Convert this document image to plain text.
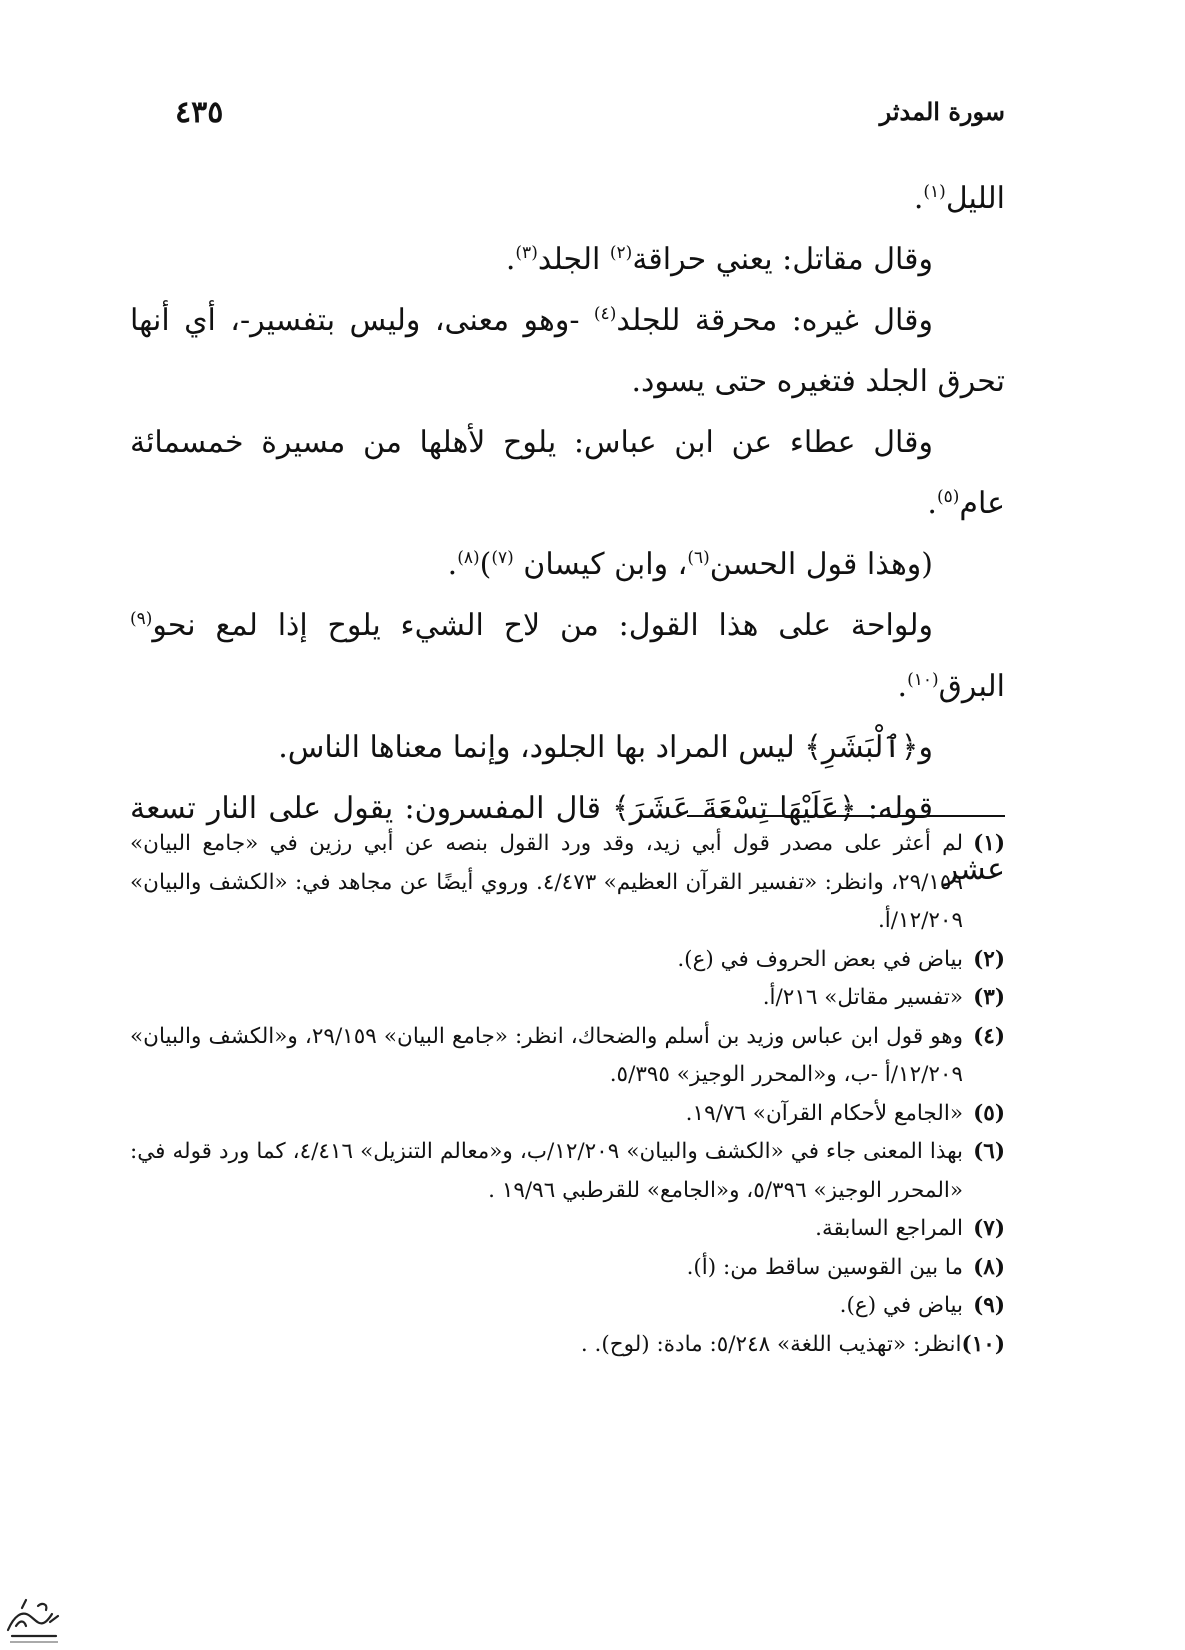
٤٣٥	سورة المدثر

الليل$^{(١)}$.

وقال مقاتل: يعني حراقة$^{(٢)}$ الجلد$^{(٣)}$.

وقال غيره: محرقة للجلد$^{(٤)}$ -وهو معنى، وليس بتفسير-، أي أنها تحرق الجلد فتغيره حتى يسود.

وقال عطاء عن ابن عباس: يلوح لأهلها من مسيرة خمسمائة عام$^{(٥)}$.

(وهذا قول الحسن$^{(٦)}$، وابن كيسان $^{(٧)}$)$^{(٨)}$.

ولواحة على هذا القول: من لاح الشيء يلوح إذا لمع نحو$^{(٩)}$ البرق$^{(١٠)}$.

و﴿ٱلْبَشَرِ﴾ ليس المراد بها الجلود، وإنما معناها الناس.

قوله: ﴿عَلَيْهَا تِسْعَةَ عَشَرَ﴾ قال المفسرون: يقول على النار تسعة عشر

(١)
لم أعثر على مصدر قول أبي زيد، وقد ورد القول بنصه عن أبي رزين في «جامع البيان» ٢٩/١٥٩، وانظر: «تفسير القرآن العظيم» ٤/٤٧٣. وروي أيضًا عن مجاهد في: «الكشف والبيان» ١٢/٢٠٩/أ.
(٢)
بياض في بعض الحروف في (ع).
(٣)
«تفسير مقاتل» ٢١٦/أ.
(٤)
وهو قول ابن عباس وزيد بن أسلم والضحاك، انظر: «جامع البيان» ٢٩/١٥٩، و«الكشف والبيان» ١٢/٢٠٩/أ -ب، و«المحرر الوجيز» ٥/٣٩٥.
(٥)
«الجامع لأحكام القرآن» ١٩/٧٦.
(٦)
بهذا المعنى جاء في «الكشف والبيان» ١٢/٢٠٩/ب، و«معالم التنزيل» ٤/٤١٦، كما ورد قوله في: «المحرر الوجيز» ٥/٣٩٦، و«الجامع» للقرطبي ١٩/٩٦ .
(٧)
المراجع السابقة.
(٨)
ما بين القوسين ساقط من: (أ).
(٩)
بياض في (ع).
(١٠)
انظر: «تهذيب اللغة» ٥/٢٤٨: مادة: (لوح). .
